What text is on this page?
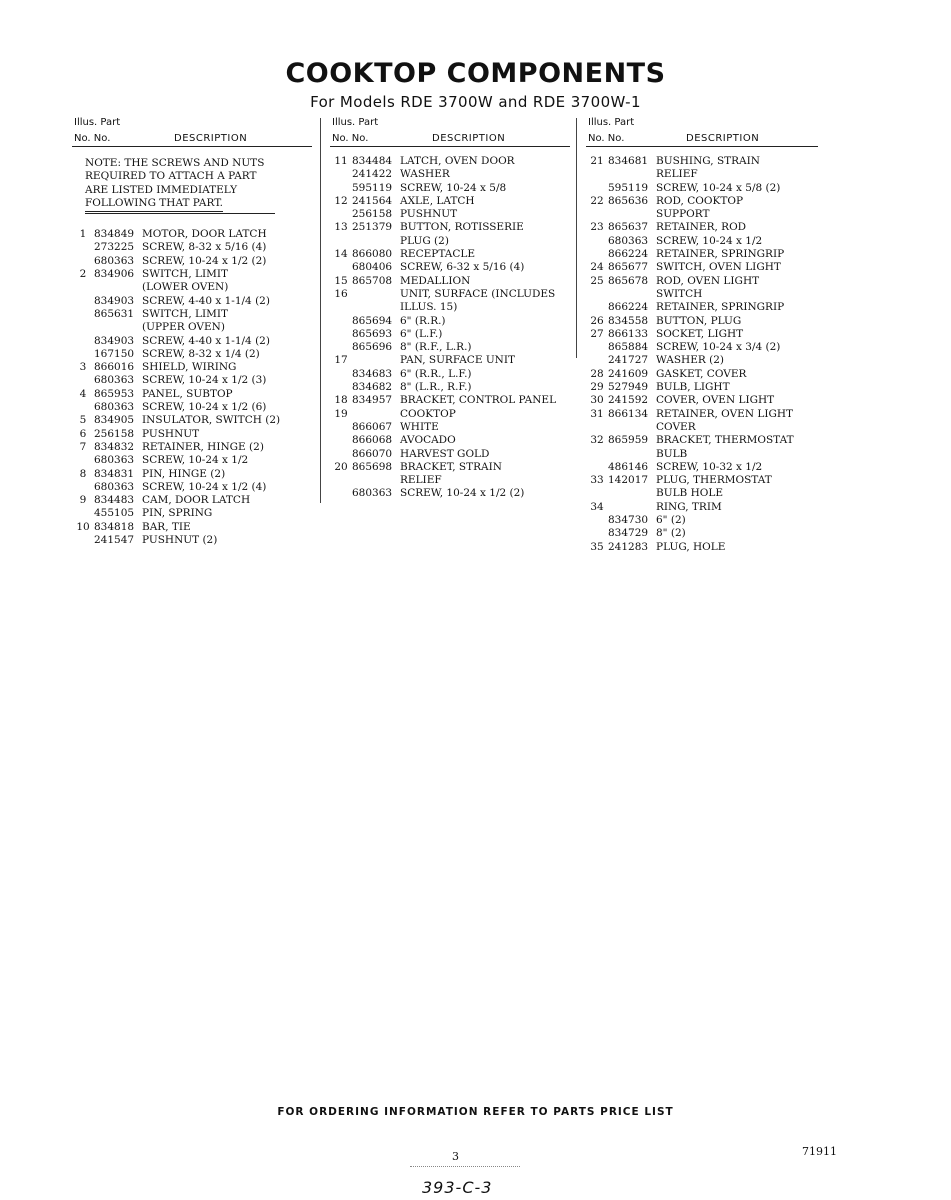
COOKTOP COMPONENTS
For Models RDE 3700W and RDE 3700W-1
Illus. Part
No. No.	DESCRIPTION
NOTE: THE SCREWS AND NUTS
REQUIRED TO ATTACH A PART
ARE LISTED IMMEDIATELY
FOLLOWING THAT PART.
1 834849 MOTOR, DOOR LATCH
273225 SCREW, 8-32 x 5/16 (4)
680363 SCREW, 10-24 x 1/2 (2)
2 834906 SWITCH, LIMIT
(LOWER OVEN)
834903 SCREW, 4-40 x 1-1/4 (2)
865631 SWITCH, LIMIT
(UPPER OVEN)
834903 SCREW, 4-40 x 1-1/4 (2)
167150 SCREW, 8-32 x 1/4 (2)
3 866016 SHIELD, WIRING
680363 SCREW, 10-24 x 1/2 (3)
4 865953 PANEL, SUBTOP
680363 SCREW, 10-24 x 1/2 (6)
5 834905 INSULATOR, SWITCH (2)
6 256158 PUSHNUT
7 834832 RETAINER, HINGE (2)
680363 SCREW, 10-24 x 1/2
8 834831 PIN, HINGE (2)
680363 SCREW, 10-24 x 1/2 (4)
9 834483 CAM, DOOR LATCH
455105 PIN, SPRING
10 834818 BAR, TIE
241547 PUSHNUT (2)
Illus. Part
No. No.	DESCRIPTION
11 834484 LATCH, OVEN DOOR
241422 WASHER
595119 SCREW, 10-24 x 5/8
12 241564 AXLE, LATCH
256158 PUSHNUT
13 251379 BUTTON, ROTISSERIE
PLUG (2)
14 866080 RECEPTACLE
680406 SCREW, 6-32 x 5/16 (4)
15 865708 MEDALLION
16	UNIT, SURFACE (INCLUDES
ILLUS. 15)
865694 6" (R.R.)
865693 6" (L.F.)
865696 8" (R.F., L.R.)
17	PAN, SURFACE UNIT
834683 6" (R.R., L.F.)
834682 8" (L.R., R.F.)
18 834957 BRACKET, CONTROL PANEL
19	COOKTOP
866067 WHITE
866068 AVOCADO
866070 HARVEST GOLD
20 865698 BRACKET, STRAIN
RELIEF
680363 SCREW, 10-24 x 1/2 (2)
Illus. Part
No. No.	DESCRIPTION
21 834681 BUSHING, STRAIN
RELIEF
595119 SCREW, 10-24 x 5/8 (2)
22 865636 ROD, COOKTOP
SUPPORT
23 865637 RETAINER, ROD
680363 SCREW, 10-24 x 1/2
866224 RETAINER, SPRINGRIP
24 865677 SWITCH, OVEN LIGHT
25 865678 ROD, OVEN LIGHT
SWITCH
866224 RETAINER, SPRINGRIP
26 834558 BUTTON, PLUG
27 866133 SOCKET, LIGHT
865884 SCREW, 10-24 x 3/4 (2)
241727 WASHER (2)
28 241609 GASKET, COVER
29 527949 BULB, LIGHT
30 241592 COVER, OVEN LIGHT
31 866134 RETAINER, OVEN LIGHT
COVER
32 865959 BRACKET, THERMOSTAT
BULB
486146 SCREW, 10-32 x 1/2
33 142017 PLUG, THERMOSTAT
BULB HOLE
34	RING, TRIM
834730 6" (2)
834729 8" (2)
35 241283 PLUG, HOLE
FOR ORDERING INFORMATION REFER TO PARTS PRICE LIST
3	71911
393-C-3
